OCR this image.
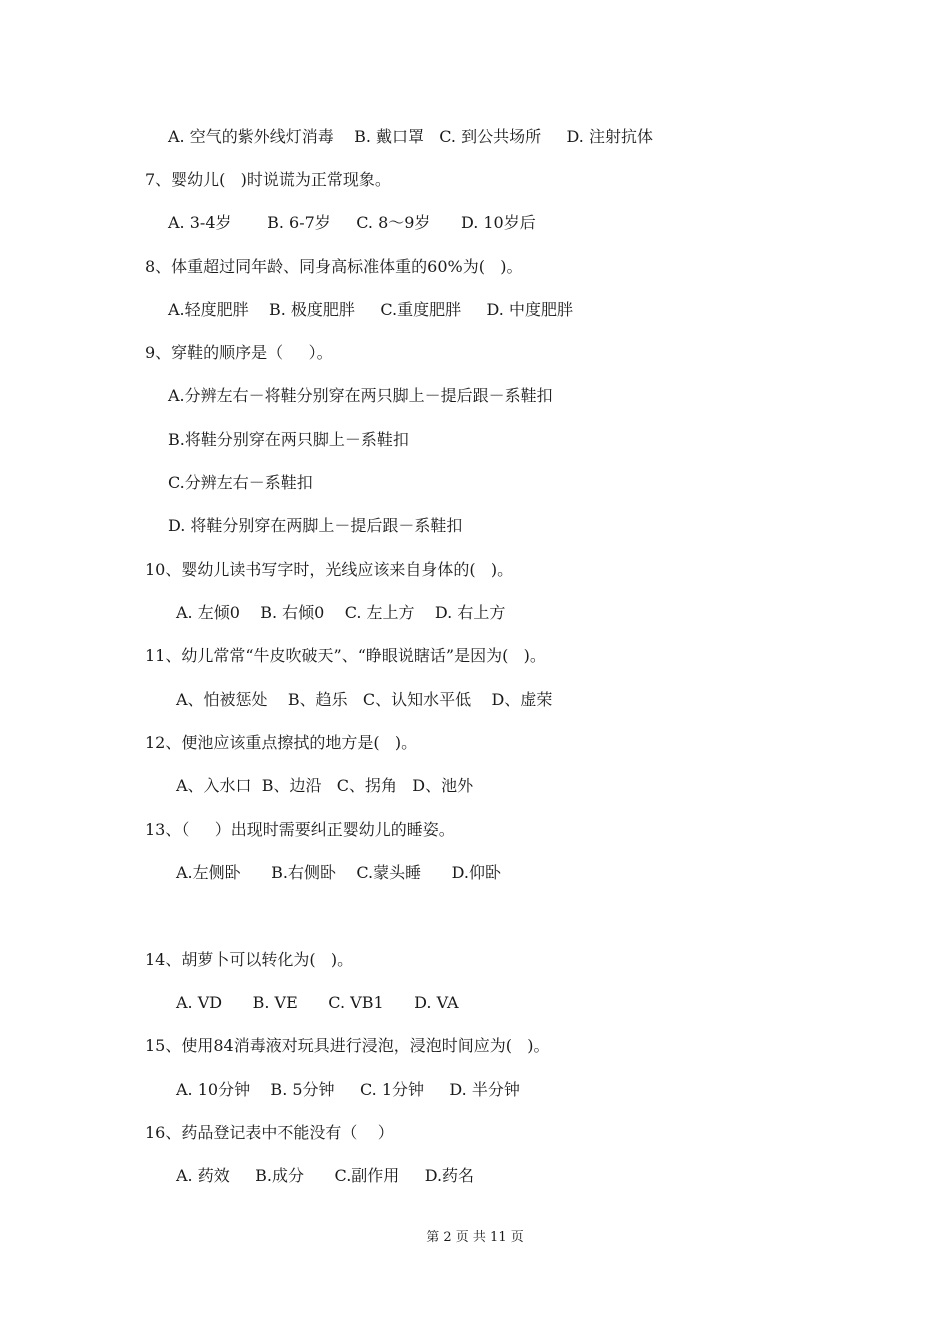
A. 空气的紫外线灯消毒    B. 戴口罩   C. 到公共场所     D. 注射抗体
7、婴幼儿(   )时说谎为正常现象。
A. 3-4岁       B. 6-7岁     C. 8～9岁      D. 10岁后
8、体重超过同年龄、同身高标准体重的60%为(   )。
A.轻度肥胖    B. 极度肥胖     C.重度肥胖     D. 中度肥胖
9、穿鞋的顺序是（     ）。
A.分辨左右－将鞋分别穿在两只脚上－提后跟－系鞋扣
B.将鞋分别穿在两只脚上－系鞋扣
C.分辨左右－系鞋扣
D. 将鞋分别穿在两脚上－提后跟－系鞋扣
10、婴幼儿读书写字时，光线应该来自身体的(   )。
A. 左倾0    B. 右倾0    C. 左上方    D. 右上方
11、幼儿常常“牛皮吹破天”、“睁眼说瞎话”是因为(   )。
A、怕被惩处    B、趋乐   C、认知水平低    D、虚荣
12、便池应该重点擦拭的地方是(   )。
A、入水口  B、边沿   C、拐角   D、池外
13、（     ）出现时需要纠正婴幼儿的睡姿。
A.左侧卧      B.右侧卧    C.蒙头睡      D.仰卧
14、胡萝卜可以转化为(   )。
A. VD      B. VE      C. VB1      D. VA
15、使用84消毒液对玩具进行浸泡，浸泡时间应为(   )。
A. 10分钟    B. 5分钟     C. 1分钟     D. 半分钟
16、药品登记表中不能没有（    ）
A. 药效     B.成分      C.副作用     D.药名
第 2 页 共 11 页
